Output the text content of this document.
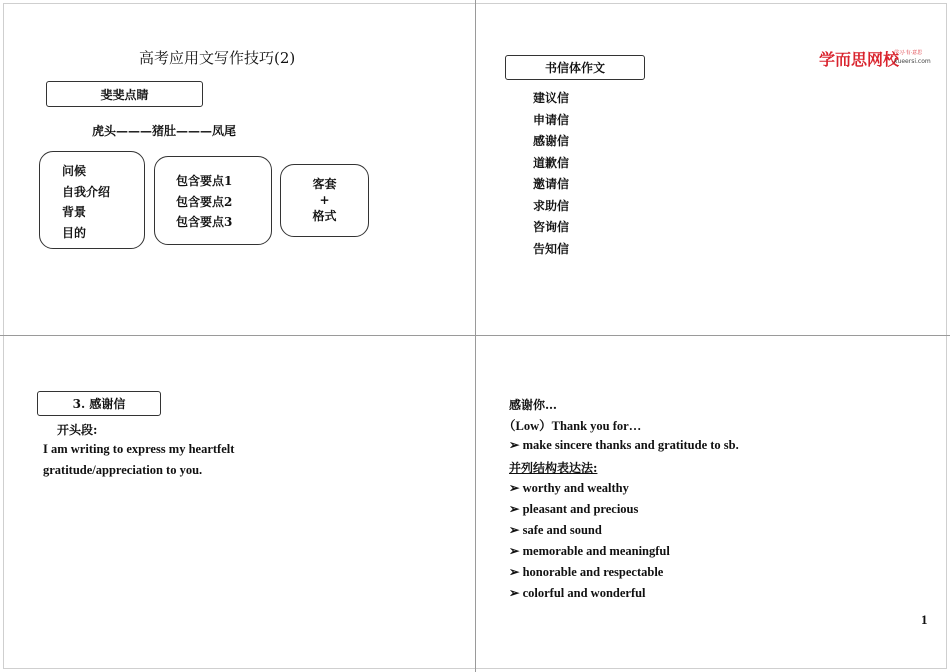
高考应用文写作技巧(2)
斐斐点睛
虎头———猪肚———凤尾
问候
自我介绍
背景
目的
包含要点1
包含要点2
包含要点3
客套
+
格式
书信体作文	学而思网校
学习·有·意思
xueersi.com
建议信
申请信
感谢信
道歉信
邀请信
求助信
咨询信
告知信
3. 感谢信
开头段:
I am writing to express my heartfelt
gratitude/appreciation to you.
感谢你…
（Low）Thank you for…
➢ make sincere thanks and gratitude to sb.
并列结构表达法:
➢ worthy and wealthy
➢ pleasant and precious
➢ safe and sound
➢ memorable and meaningful
➢ honorable and respectable
➢ colorful and wonderful
1
